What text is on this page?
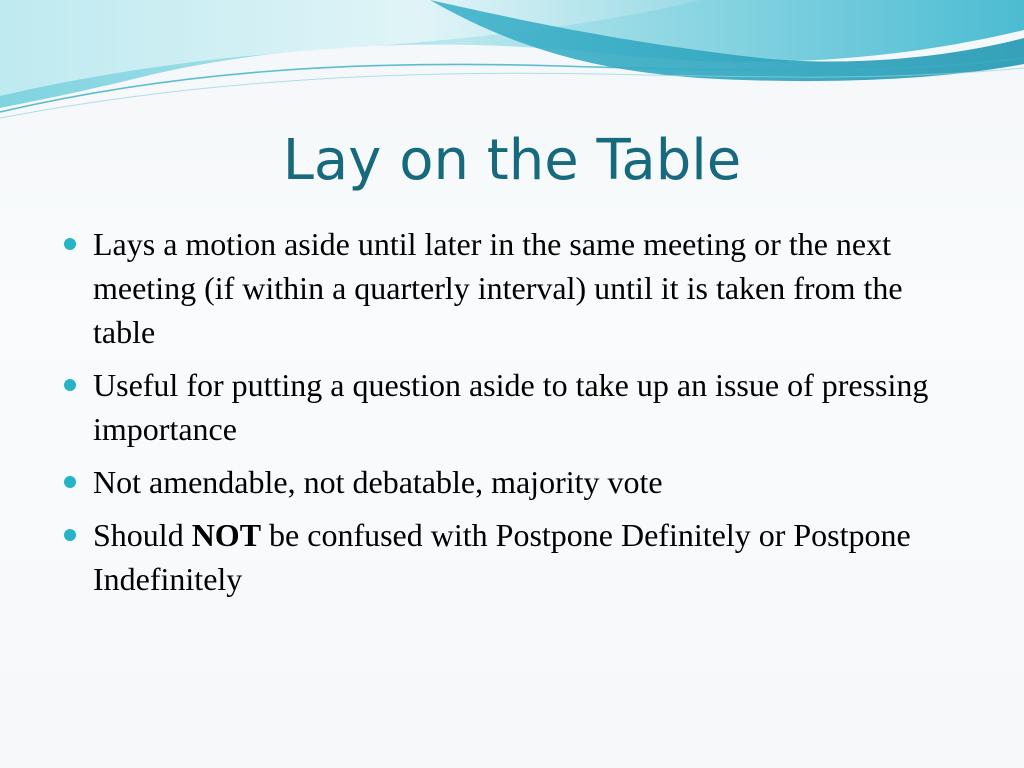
Lay on the Table
Lays a motion aside until later in the same meeting or the next meeting (if within a quarterly interval) until it is taken from the table
Useful for putting a question aside to take up an issue of pressing importance
Not amendable, not debatable, majority vote
Should NOT be confused with Postpone Definitely or Postpone Indefinitely
